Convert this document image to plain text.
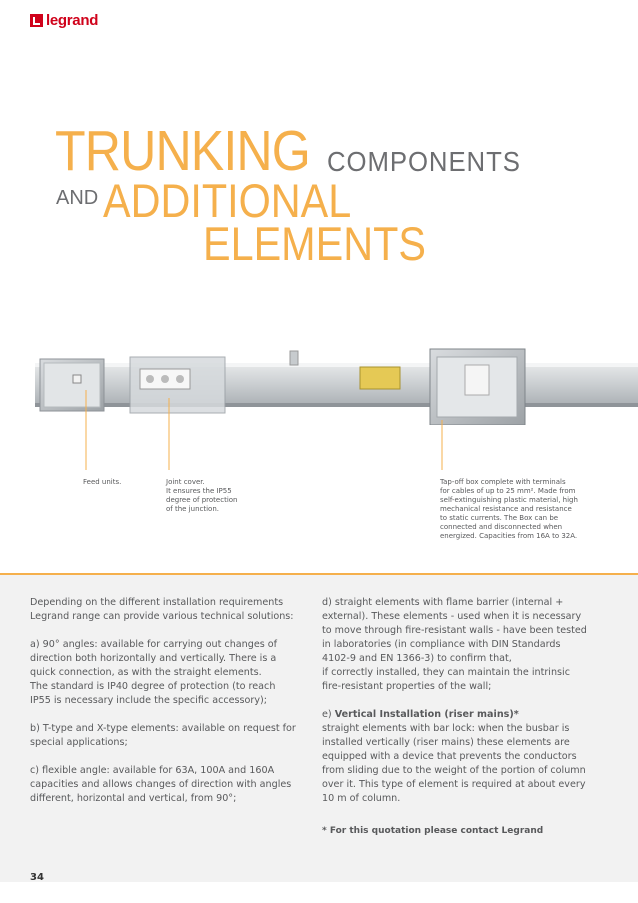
legrand
TRUNKING COMPONENTS
AND ADDITIONAL
ELEMENTS
Feed units.	Joint cover.
It ensures the IP55
degree of protection
of the junction.
Tap-off box complete with terminals
for cables of up to 25 mm². Made from
self-extinguishing plastic material, high
mechanical resistance and resistance
to static currents. The Box can be
connected and disconnected when
energized. Capacities from 16A to 32A.

Depending on the different installation requirements

Legrand range can provide various technical solutions:

a) 90° angles: available for carrying out changes of

direction both horizontally and vertically. There is a

quick connection, as with the straight elements.

The standard is IP40 degree of protection (to reach

IP55 is necessary include the specific accessory);

b) T-type and X-type elements: available on request for

special applications;

c) flexible angle: available for 63A, 100A and 160A

capacities and allows changes of direction with angles

different, horizontal and vertical, from 90°;

d) straight elements with flame barrier (internal +

external). These elements - used when it is necessary

to move through fire-resistant walls - have been tested

in laboratories (in compliance with DIN Standards

4102-9 and EN 1366-3) to confirm that,

if correctly installed, they can maintain the intrinsic

fire-resistant properties of the wall;

e) Vertical Installation (riser mains)*

straight elements with bar lock: when the busbar is

installed vertically (riser mains) these elements are

equipped with a device that prevents the conductors

from sliding due to the weight of the portion of column

over it. This type of element is required at about every

10 m of column.

* For this quotation please contact Legrand
34
